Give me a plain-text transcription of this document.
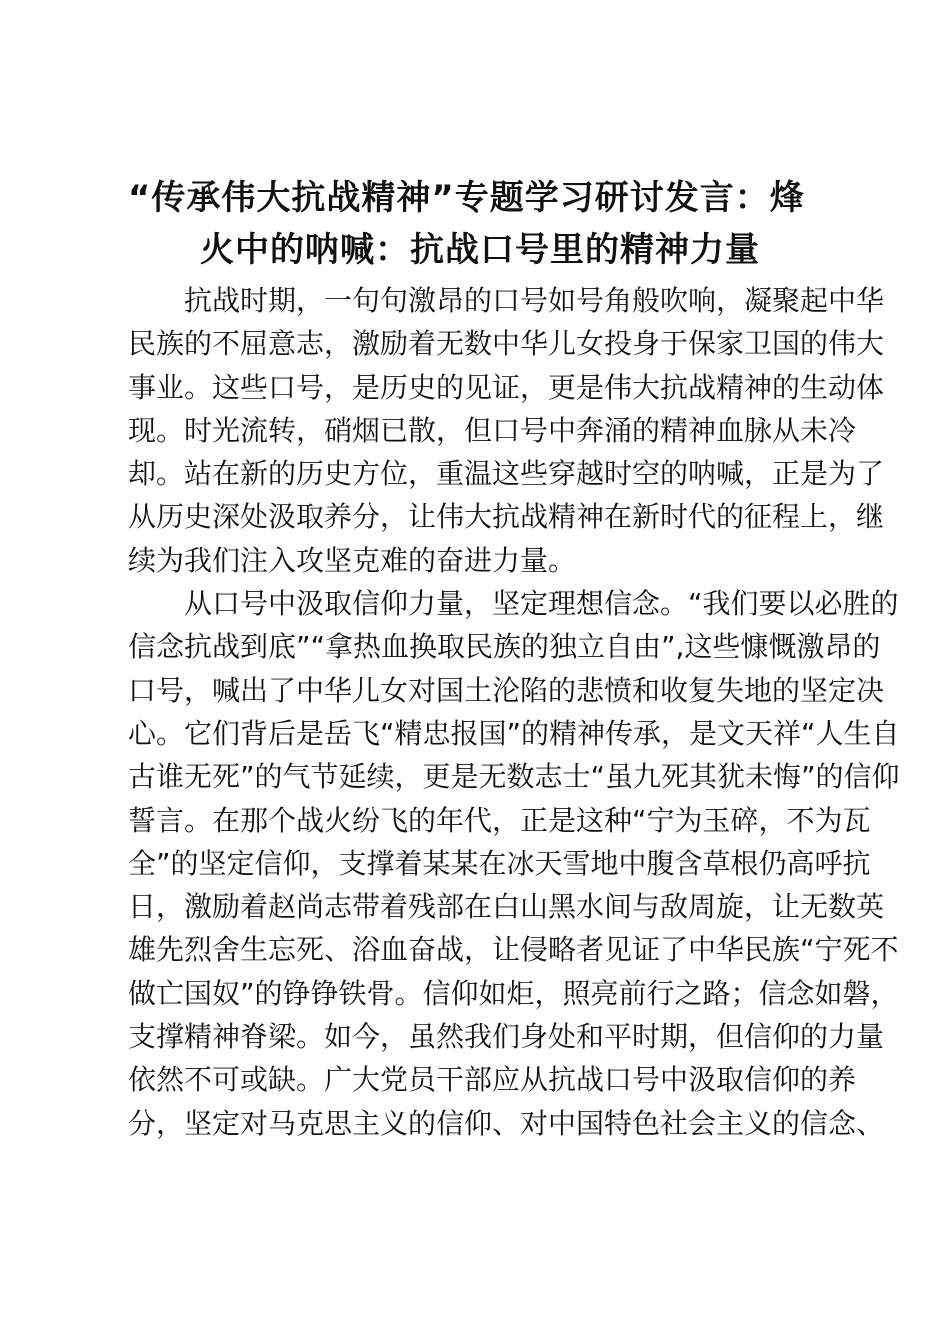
“传承伟大抗战精神”专题学习研讨发言：烽
火中的呐喊：抗战口号里的精神力量
抗战时期，一句句激昂的口号如号角般吹响，凝聚起中华
民族的不屈意志，激励着无数中华儿女投身于保家卫国的伟大
事业。这些口号，是历史的见证，更是伟大抗战精神的生动体
现。时光流转，硝烟已散，但口号中奔涌的精神血脉从未冷
却。站在新的历史方位，重温这些穿越时空的呐喊，正是为了
从历史深处汲取养分，让伟大抗战精神在新时代的征程上，继
续为我们注入攻坚克难的奋进力量。
从口号中汲取信仰力量，坚定理想信念。“我们要以必胜的
信念抗战到底”“拿热血换取民族的独立自由”,这些慷慨激昂的
口号，喊出了中华儿女对国土沦陷的悲愤和收复失地的坚定决
心。它们背后是岳飞“精忠报国”的精神传承，是文天祥“人生自
古谁无死”的气节延续，更是无数志士“虽九死其犹未悔”的信仰
誓言。在那个战火纷飞的年代，正是这种“宁为玉碎，不为瓦
全”的坚定信仰，支撑着某某在冰天雪地中腹含草根仍高呼抗
日，激励着赵尚志带着残部在白山黑水间与敌周旋，让无数英
雄先烈舍生忘死、浴血奋战，让侵略者见证了中华民族“宁死不
做亡国奴”的铮铮铁骨。信仰如炬，照亮前行之路；信念如磐，
支撑精神脊梁。如今，虽然我们身处和平时期，但信仰的力量
依然不可或缺。广大党员干部应从抗战口号中汲取信仰的养
分，坚定对马克思主义的信仰、对中国特色社会主义的信念、
